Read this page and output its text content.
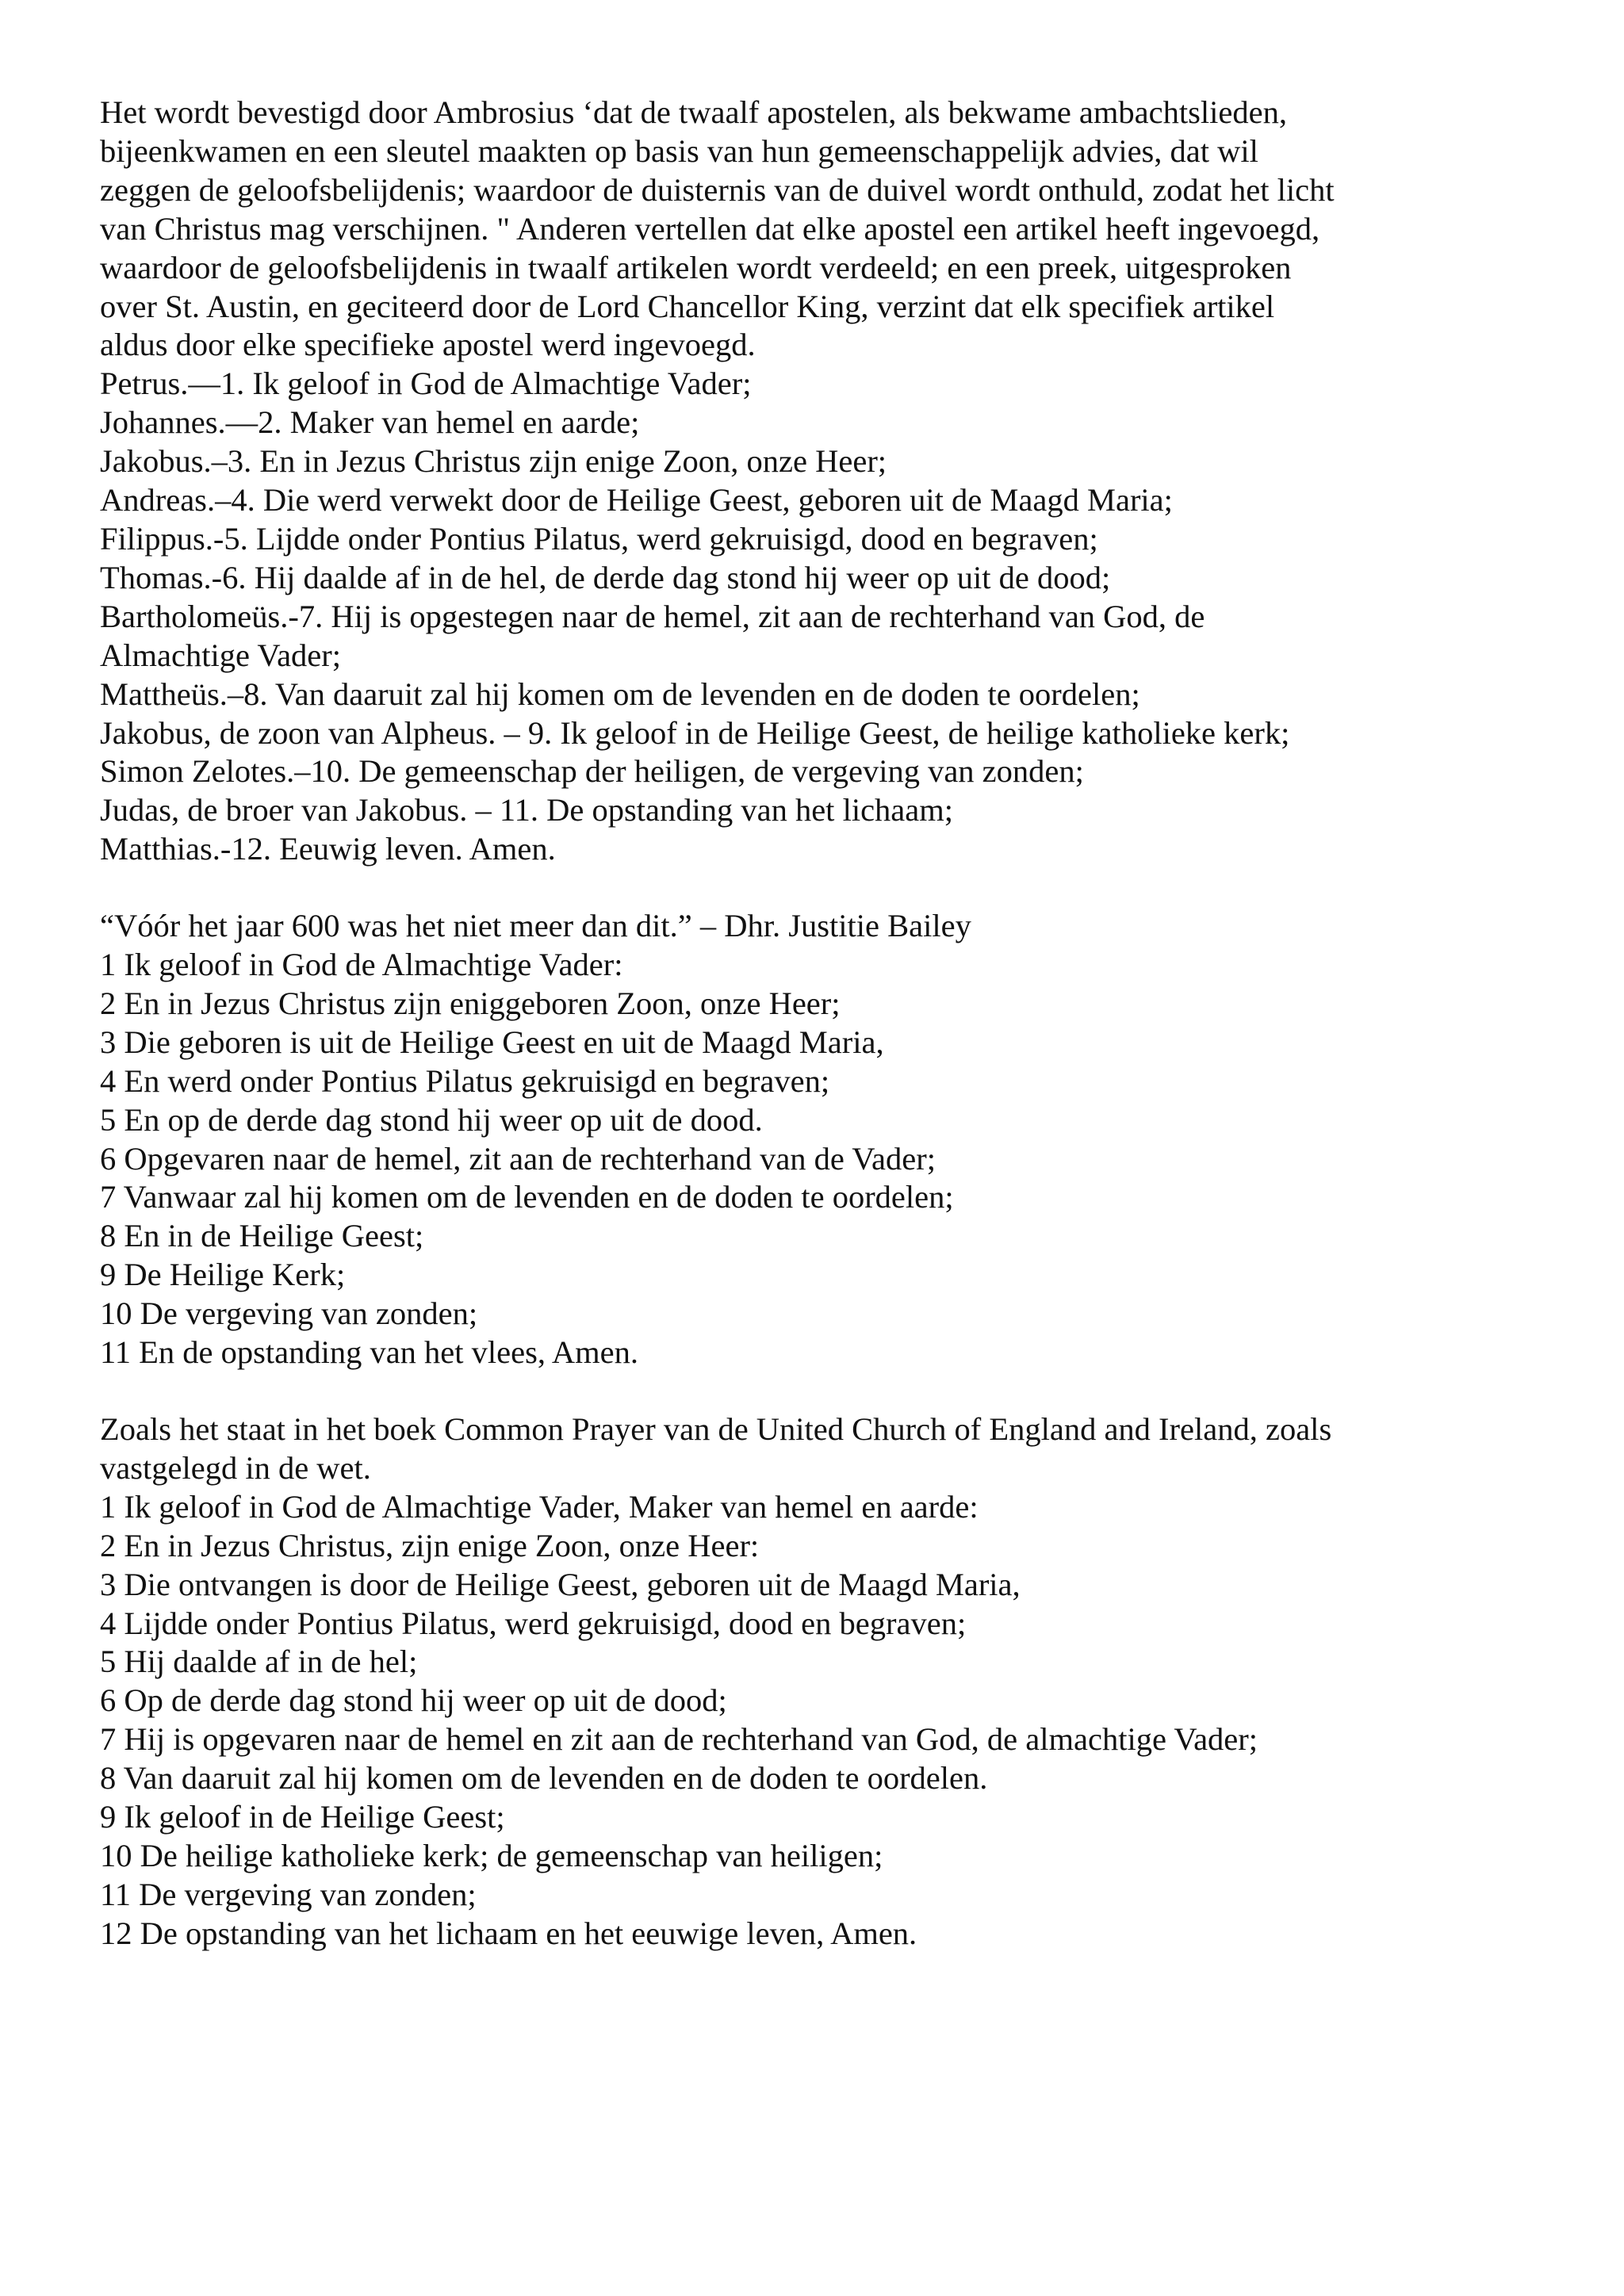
Het wordt bevestigd door Ambrosius ‘dat de twaalf apostelen, als bekwame ambachtslieden,
bijeenkwamen en een sleutel maakten op basis van hun gemeenschappelijk advies, dat wil
zeggen de geloofsbelijdenis; waardoor de duisternis van de duivel wordt onthuld, zodat het licht
van Christus mag verschijnen. " Anderen vertellen dat elke apostel een artikel heeft ingevoegd,
waardoor de geloofsbelijdenis in twaalf artikelen wordt verdeeld; en een preek, uitgesproken
over St. Austin, en geciteerd door de Lord Chancellor King, verzint dat elk specifiek artikel
aldus door elke specifieke apostel werd ingevoegd.
Petrus.—1. Ik geloof in God de Almachtige Vader;
Johannes.—2. Maker van hemel en aarde;
Jakobus.–3. En in Jezus Christus zijn enige Zoon, onze Heer;
Andreas.–4. Die werd verwekt door de Heilige Geest, geboren uit de Maagd Maria;
Filippus.-5. Lijdde onder Pontius Pilatus, werd gekruisigd, dood en begraven;
Thomas.-6. Hij daalde af in de hel, de derde dag stond hij weer op uit de dood;
Bartholomeüs.-7. Hij is opgestegen naar de hemel, zit aan de rechterhand van God, de
Almachtige Vader;
Mattheüs.–8. Van daaruit zal hij komen om de levenden en de doden te oordelen;
Jakobus, de zoon van Alpheus. – 9. Ik geloof in de Heilige Geest, de heilige katholieke kerk;
Simon Zelotes.–10. De gemeenschap der heiligen, de vergeving van zonden;
Judas, de broer van Jakobus. – 11. De opstanding van het lichaam;
Matthias.-12. Eeuwig leven. Amen.
“Vóór het jaar 600 was het niet meer dan dit.” – Dhr. Justitie Bailey
1 Ik geloof in God de Almachtige Vader:
2 En in Jezus Christus zijn eniggeboren Zoon, onze Heer;
3 Die geboren is uit de Heilige Geest en uit de Maagd Maria,
4 En werd onder Pontius Pilatus gekruisigd en begraven;
5 En op de derde dag stond hij weer op uit de dood.
6 Opgevaren naar de hemel, zit aan de rechterhand van de Vader;
7 Vanwaar zal hij komen om de levenden en de doden te oordelen;
8 En in de Heilige Geest;
9 De Heilige Kerk;
10 De vergeving van zonden;
11 En de opstanding van het vlees, Amen.
Zoals het staat in het boek Common Prayer van de United Church of England and Ireland, zoals
vastgelegd in de wet.
1 Ik geloof in God de Almachtige Vader, Maker van hemel en aarde:
2 En in Jezus Christus, zijn enige Zoon, onze Heer:
3 Die ontvangen is door de Heilige Geest, geboren uit de Maagd Maria,
4 Lijdde onder Pontius Pilatus, werd gekruisigd, dood en begraven;
5 Hij daalde af in de hel;
6 Op de derde dag stond hij weer op uit de dood;
7 Hij is opgevaren naar de hemel en zit aan de rechterhand van God, de almachtige Vader;
8 Van daaruit zal hij komen om de levenden en de doden te oordelen.
9 Ik geloof in de Heilige Geest;
10 De heilige katholieke kerk; de gemeenschap van heiligen;
11 De vergeving van zonden;
12 De opstanding van het lichaam en het eeuwige leven, Amen.
